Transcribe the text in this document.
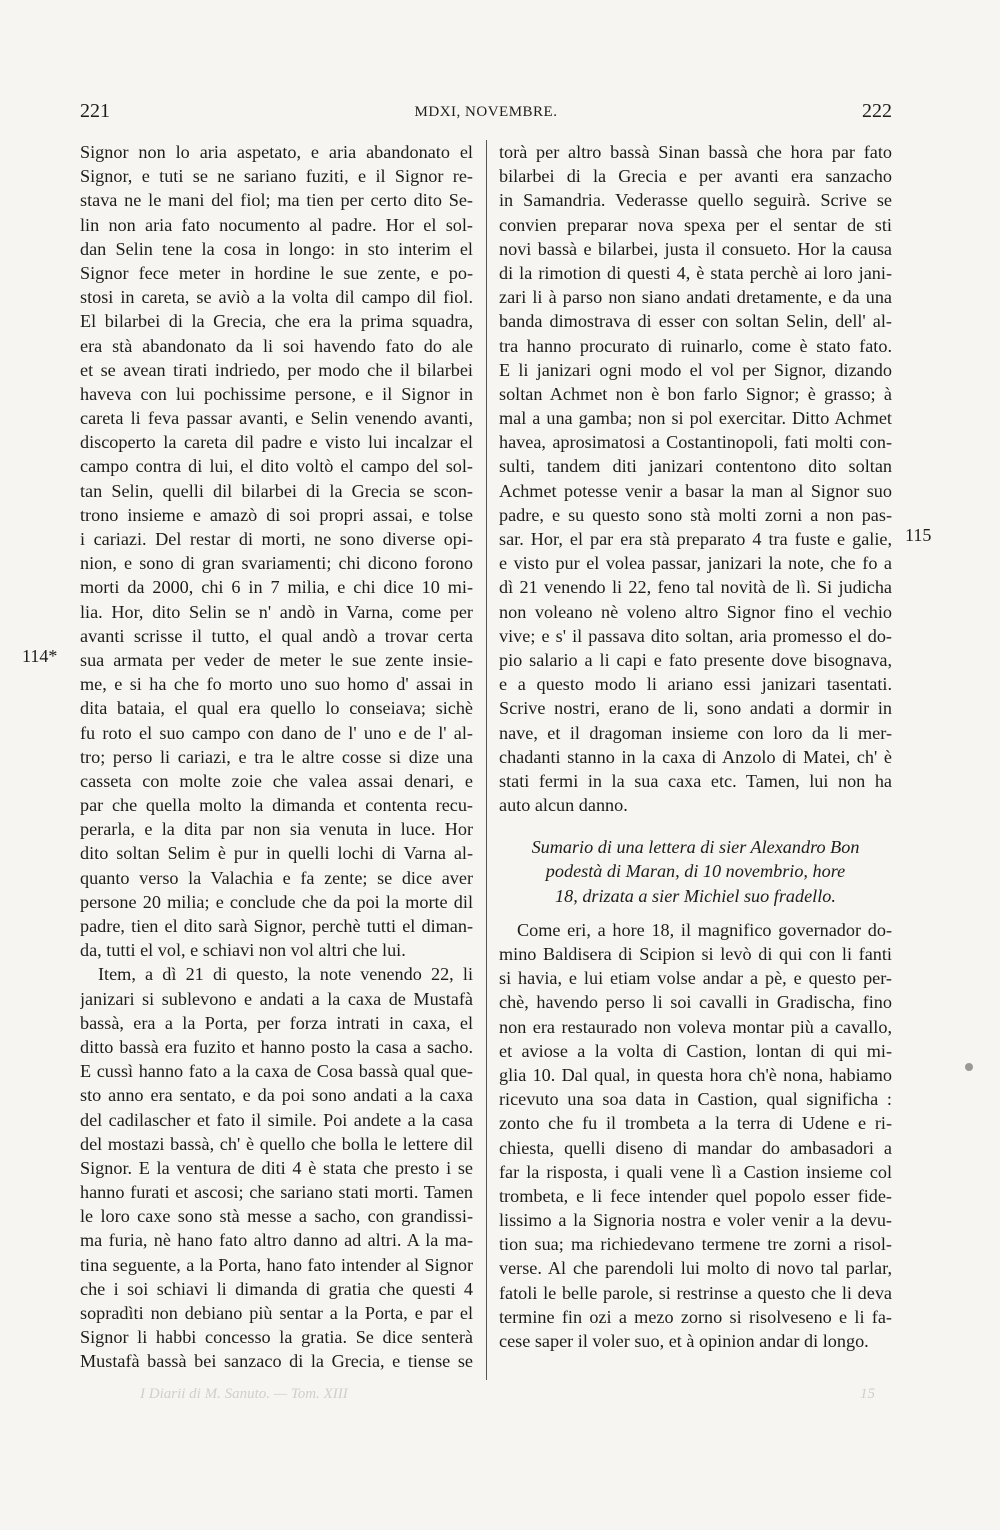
221	MDXI, NOVEMBRE.	222
Signor non lo aria aspetato, e aria abandonato el
Signor, e tuti se ne sariano fuziti, e il Signor re-
stava ne le mani del fiol; ma tien per certo dito Se-
lin non aria fato nocumento al padre. Hor el sol-
dan Selin tene la cosa in longo: in sto interim el
Signor fece meter in hordine le sue zente, e po-
stosi in careta, se aviò a la volta dil campo dil fiol.
El bilarbei di la Grecia, che era la prima squadra,
era stà abandonato da li soi havendo fato do ale
et se avean tirati indriedo, per modo che il bilarbei
haveva con lui pochissime persone, e il Signor in
careta li feva passar avanti, e Selin venendo avanti,
discoperto la careta dil padre e visto lui incalzar el
campo contra di lui, el dito voltò el campo del sol-
tan Selin, quelli dil bilarbei di la Grecia se scon-
trono insieme e amazò di soi propri assai, e tolse
i cariazi. Del restar di morti, ne sono diverse opi-
nion, e sono di gran svariamenti; chi dicono forono
morti da 2000, chi 6 in 7 milia, e chi dice 10 mi-
lia. Hor, dito Selin se n' andò in Varna, come per
avanti scrisse il tutto, el qual andò a trovar certa
sua armata per veder de meter le sue zente insie-
me, e si ha che fo morto uno suo homo d' assai in
dita bataia, el qual era quello lo conseiava; sichè
fu roto el suo campo con dano de l' uno e de l' al-
tro; perso li cariazi, e tra le altre cosse si dize una
casseta con molte zoie che valea assai denari, e
par che quella molto la dimanda et contenta recu-
perarla, e la dita par non sia venuta in luce. Hor
dito soltan Selim è pur in quelli lochi di Varna al-
quanto verso la Valachia e fa zente; se dice aver
persone 20 milia; e conclude che da poi la morte dil
padre, tien el dito sarà Signor, perchè tutti el diman-
da, tutti el vol, e schiavi non vol altri che lui.
Item, a dì 21 di questo, la note venendo 22, li
janizari si sublevono e andati a la caxa de Mustafà
bassà, era a la Porta, per forza intrati in caxa, el
ditto bassà era fuzito et hanno posto la casa a sacho.
E cussì hanno fato a la caxa de Cosa bassà qual que-
sto anno era sentato, e da poi sono andati a la caxa
del cadilascher et fato il simile. Poi andete a la casa
del mostazi bassà, ch' è quello che bolla le lettere dil
Signor. E la ventura de diti 4 è stata che presto i se
hanno furati et ascosi; che sariano stati morti. Tamen
le loro caxe sono stà messe a sacho, con grandissi-
ma furia, nè hano fato altro danno ad altri. A la ma-
tina seguente, a la Porta, hano fato intender al Signor
che i soi schiavi li dimanda di gratia che questi 4
sopradìti non debiano più sentar a la Porta, e par el
Signor li habbi concesso la gratia. Se dice senterà
Mustafà bassà bei sanzaco di la Grecia, e tiense se
torà per altro bassà Sinan bassà che hora par fato
bilarbei di la Grecia e per avanti era sanzacho
in Samandria. Vederasse quello seguirà. Scrive se
convien preparar nova spexa per el sentar de sti
novi bassà e bilarbei, justa il consueto. Hor la causa
di la rimotion di questi 4, è stata perchè ai loro jani-
zari li à parso non siano andati dretamente, e da una
banda dimostrava di esser con soltan Selin, dell' al-
tra hanno procurato di ruinarlo, come è stato fato.
E li janizari ogni modo el vol per Signor, dizando
soltan Achmet non è bon farlo Signor; è grasso; à
mal a una gamba; non si pol exercitar. Ditto Achmet
havea, aprosimatosi a Costantinopoli, fati molti con-
sulti, tandem diti janizari contentono dito soltan
Achmet potesse venir a basar la man al Signor suo
padre, e su questo sono stà molti zorni a non pas-
sar. Hor, el par era stà preparato 4 tra fuste e galie,
e visto pur el volea passar, janizari la note, che fo a
dì 21 venendo li 22, feno tal novità de lì. Si judicha
non voleano nè voleno altro Signor fino el vechio
vive; e s' il passava dito soltan, aria promesso el do-
pio salario a li capi e fato presente dove bisognava,
e a questo modo li ariano essi janizari tasentati.
Scrive nostri, erano de li, sono andati a dormir in
nave, et il dragoman insieme con loro da li mer-
chadanti stanno in la caxa di Anzolo di Matei, ch' è
stati fermi in la sua caxa etc. Tamen, lui non ha
auto alcun danno.
Sumario di una lettera di sier Alexandro Bon
podestà di Maran, di 10 novembrio, hore
18, drizata a sier Michiel suo fradello.
Come eri, a hore 18, il magnifico governador do-
mino Baldisera di Scipion si levò di qui con li fanti
si havia, e lui etiam volse andar a pè, e questo per-
chè, havendo perso li soi cavalli in Gradischa, fino
non era restaurado non voleva montar più a cavallo,
et aviose a la volta di Castion, lontan di qui mi-
glia 10. Dal qual, in questa hora ch'è nona, habiamo
ricevuto una soa data in Castion, qual significha :
zonto che fu il trombeta a la terra di Udene e ri-
chiesta, quelli diseno di mandar do ambasadori a
far la risposta, i quali vene lì a Castion insieme col
trombeta, e li fece intender quel popolo esser fide-
lissimo a la Signoria nostra e voler venir a la devu-
tion sua; ma richiedevano termene tre zorni a risol-
verse. Al che parendoli lui molto di novo tal parlar,
fatoli le belle parole, si restrinse a questo che li deva
termine fin ozi a mezo zorno si risolveseno e li fa-
cese saper il voler suo, et à opinion andar di longo.
114*
115
I Diarii di M. Sanuto. — Tom. XIII	15
